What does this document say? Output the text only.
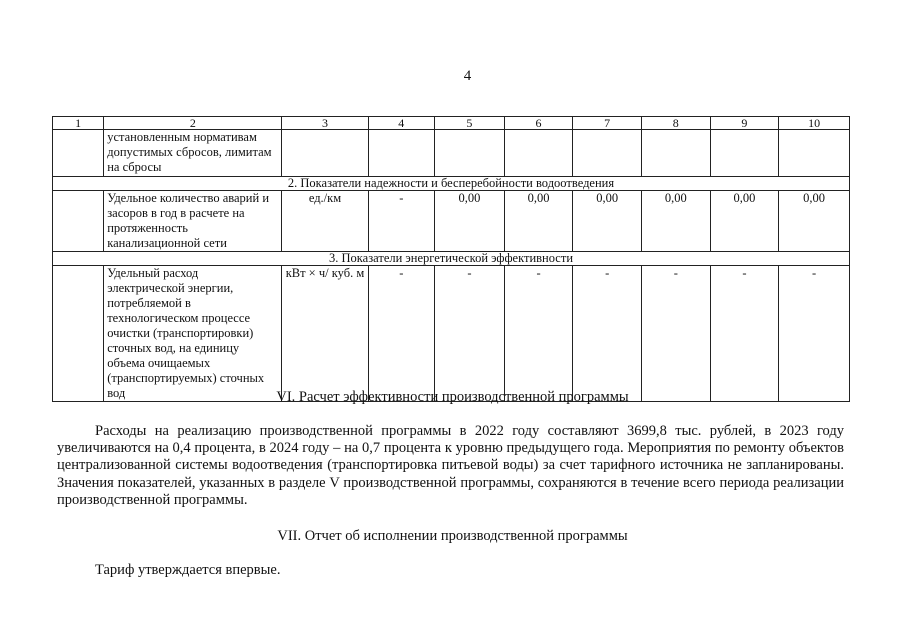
4
1	2	3	4	5	6	7	8	9	10
	установленным нормативам допустимых сбросов, лимитам на сбросы								
2. Показатели надежности и бесперебойности водоотведения									
	Удельное количество аварий и засоров в год в расчете на протяженность канализационной сети	ед./км	-	0,00	0,00	0,00	0,00	0,00	0,00
3. Показатели энергетической эффективности									
	Удельный расход электрической энергии, потребляемой в технологическом процессе очистки (транспортировки) сточных вод, на единицу объема очищаемых (транспортируемых) сточных вод	кВт × ч/ куб. м	-	-	-	-	-	-	-
VI. Расчет эффективности производственной программы
Расходы на реализацию производственной программы в 2022 году составляют 3699,8 тыс. рублей, в 2023 году увеличиваются на 0,4 процента, в 2024 году – на 0,7 процента к уровню предыдущего года. Мероприятия по ремонту объектов централизованной системы водоотведения (транспортировка питьевой воды) за счет тарифного источника не запланированы. Значения показателей, указанных в разделе V производственной программы, сохраняются в течение всего периода реализации производственной программы.
VII. Отчет об исполнении производственной программы
Тариф утверждается впервые.
